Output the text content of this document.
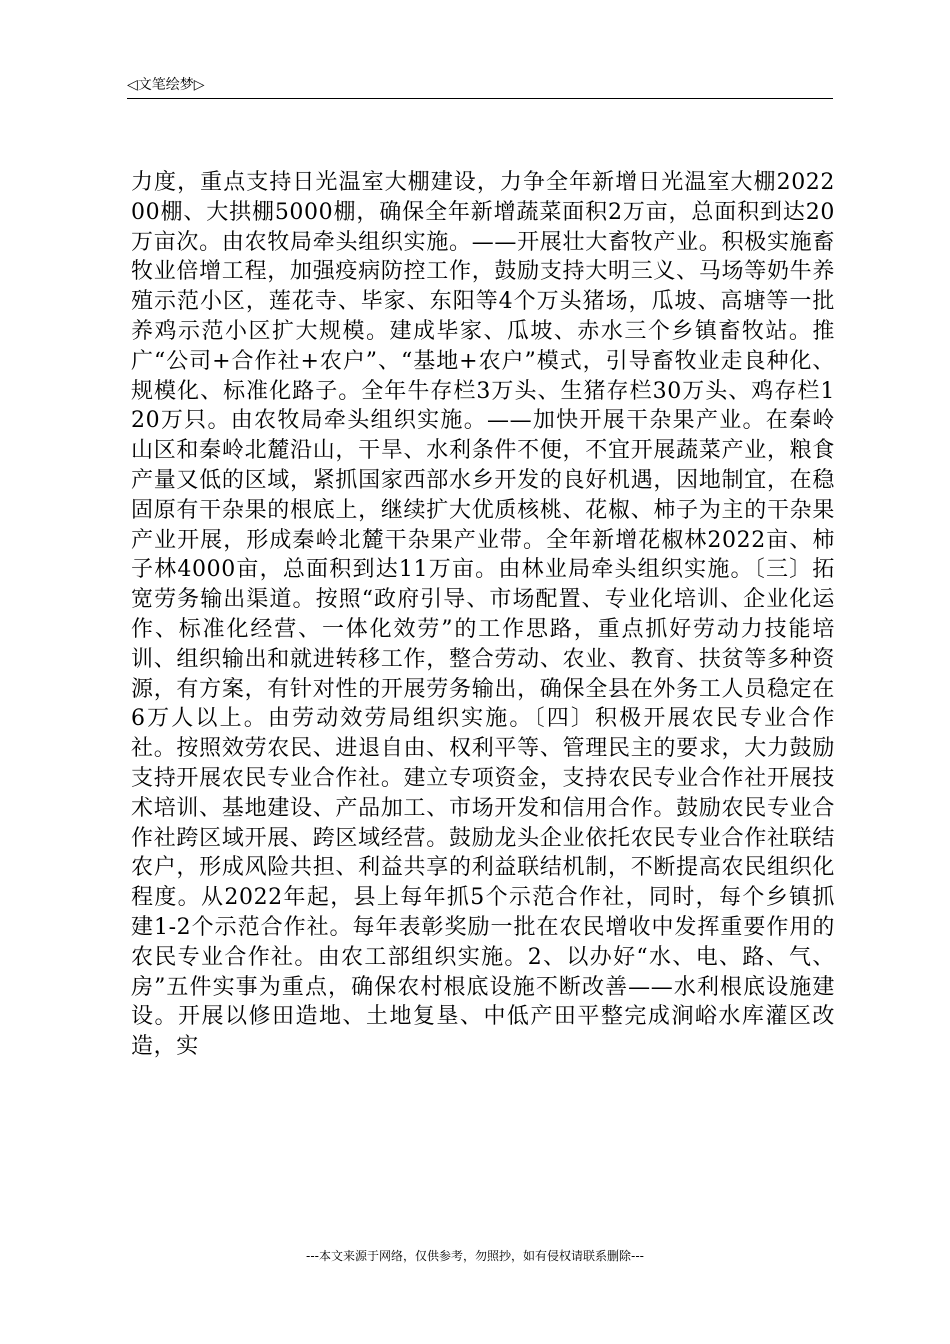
◁文笔绘梦▷

力度，重点支持日光温室大棚建设，力争全年新增日光温室大棚202200棚、大拱棚5000棚，确保全年新增蔬菜面积2万亩，总面积到达20万亩次。由农牧局牵头组织实施。——开展壮大畜牧产业。积极实施畜牧业倍增工程，加强疫病防控工作，鼓励支持大明三义、马场等奶牛养殖示范小区，莲花寺、毕家、东阳等4个万头猪场，瓜坡、高塘等一批养鸡示范小区扩大规模。建成毕家、瓜坡、赤水三个乡镇畜牧站。推广“公司+合作社+农户”、“基地+农户”模式，引导畜牧业走良种化、规模化、标准化路子。全年牛存栏3万头、生猪存栏30万头、鸡存栏120万只。由农牧局牵头组织实施。——加快开展干杂果产业。在秦岭山区和秦岭北麓沿山，干旱、水利条件不便，不宜开展蔬菜产业，粮食产量又低的区域，紧抓国家西部水乡开发的良好机遇，因地制宜，在稳固原有干杂果的根底上，继续扩大优质核桃、花椒、柿子为主的干杂果产业开展，形成秦岭北麓干杂果产业带。全年新增花椒林2022亩、柿子林4000亩，总面积到达11万亩。由林业局牵头组织实施。〔三〕拓宽劳务输出渠道。按照“政府引导、市场配置、专业化培训、企业化运作、标准化经营、一体化效劳”的工作思路，重点抓好劳动力技能培训、组织输出和就进转移工作，整合劳动、农业、教育、扶贫等多种资源，有方案，有针对性的开展劳务输出，确保全县在外务工人员稳定在6万人以上。由劳动效劳局组织实施。〔四〕积极开展农民专业合作社。按照效劳农民、进退自由、权利平等、管理民主的要求，大力鼓励支持开展农民专业合作社。建立专项资金，支持农民专业合作社开展技术培训、基地建设、产品加工、市场开发和信用合作。鼓励农民专业合作社跨区域开展、跨区域经营。鼓励龙头企业依托农民专业合作社联结农户，形成风险共担、利益共享的利益联结机制，不断提高农民组织化程度。从2022年起，县上每年抓5个示范合作社，同时，每个乡镇抓建1-2个示范合作社。每年表彰奖励一批在农民增收中发挥重要作用的农民专业合作社。由农工部组织实施。2、以办好“水、电、路、气、房”五件实事为重点，确保农村根底设施不断改善——水利根底设施建设。开展以修田造地、土地复垦、中低产田平整完成涧峪水库灌区改造，实

---本文来源于网络，仅供参考，勿照抄，如有侵权请联系删除---
